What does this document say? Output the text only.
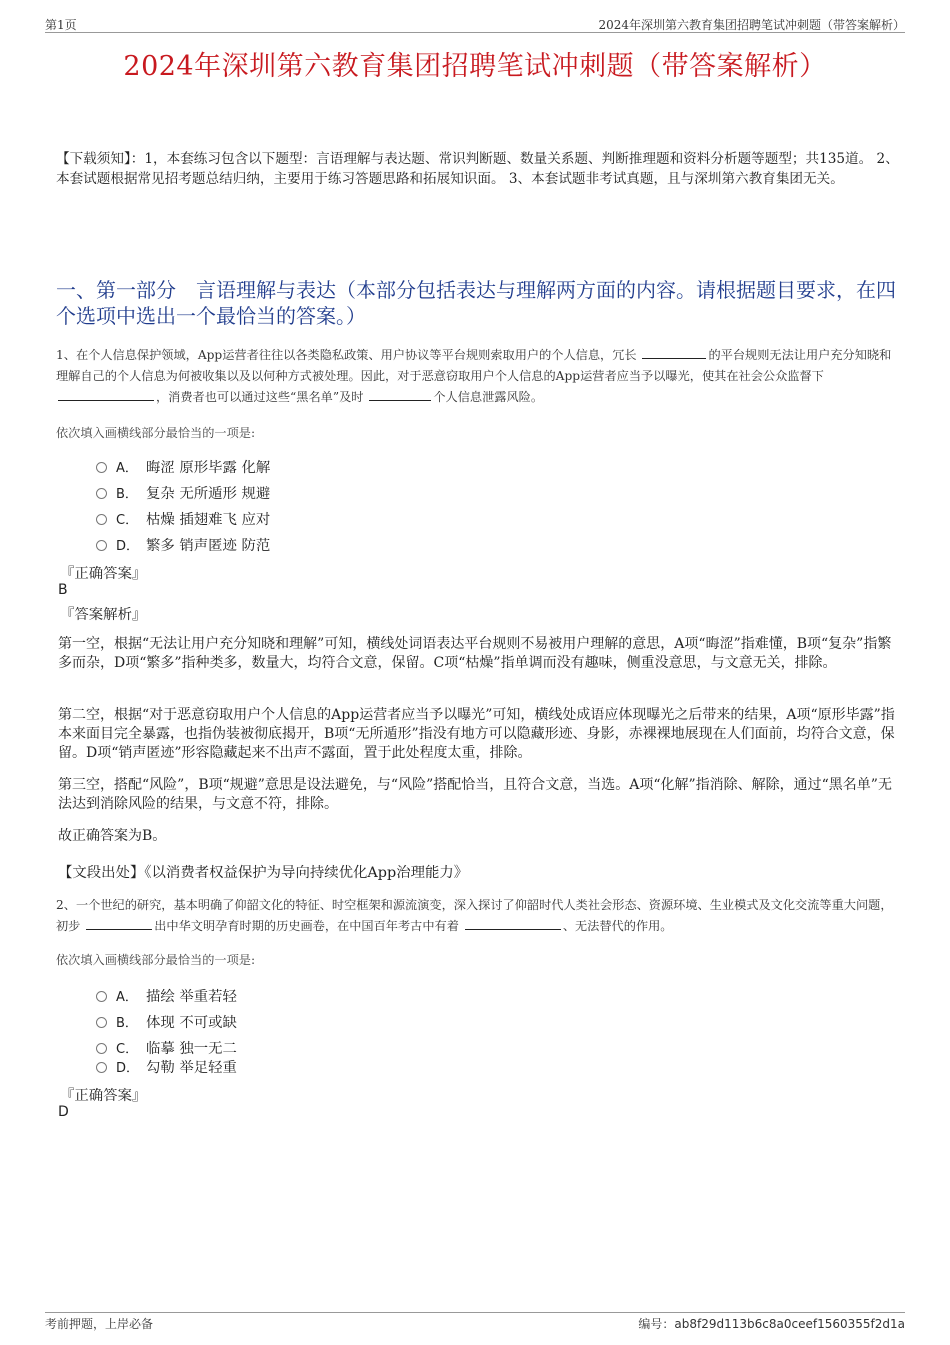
第1页	2024年深圳第六教育集团招聘笔试冲刺题（带答案解析）
2024年深圳第六教育集团招聘笔试冲刺题（带答案解析）
【下载须知】：1，本套练习包含以下题型：言语理解与表达题、常识判断题、数量关系题、判断推理题和资料分析题等题型；共135道。 2、本套试题根据常见招考题总结归纳，主要用于练习答题思路和拓展知识面。 3、本套试题非考试真题，且与深圳第六教育集团无关。
一、第一部分　言语理解与表达（本部分包括表达与理解两方面的内容。请根据题目要求，在四个选项中选出一个最恰当的答案。）
1、在个人信息保护领域，App运营者往往以各类隐私政策、用户协议等平台规则索取用户的个人信息，冗长	的平台规则无法让用户充分知晓和理解自己的个人信息为何被收集以及以何种方式被处理。因此，对于恶意窃取用户个人信息的App运营者应当予以曝光，使其在社会公众监督下 ，消费者也可以通过这些“黑名单”及时	个人信息泄露风险。
依次填入画横线部分最恰当的一项是:
A． 晦涩 原形毕露 化解
B． 复杂 无所遁形 规避
C． 枯燥 插翅难飞 应对
D． 繁多 销声匿迹 防范
『正确答案』
B
『答案解析』
第一空，根据“无法让用户充分知晓和理解”可知，横线处词语表达平台规则不易被用户理解的意思，A项“晦涩”指难懂，B项“复杂”指繁多而杂，D项“繁多”指种类多，数量大，均符合文意，保留。C项“枯燥”指单调而没有趣味，侧重没意思，与文意无关，排除。
第二空，根据“对于恶意窃取用户个人信息的App运营者应当予以曝光”可知，横线处成语应体现曝光之后带来的结果，A项“原形毕露”指本来面目完全暴露，也指伪装被彻底揭开，B项“无所遁形”指没有地方可以隐藏形迹、身影，赤裸裸地展现在人们面前，均符合文意，保留。D项“销声匿迹”形容隐藏起来不出声不露面，置于此处程度太重，排除。
第三空，搭配“风险”，B项“规避”意思是设法避免，与“风险”搭配恰当，且符合文意，当选。A项“化解”指消除、解除，通过“黑名单”无法达到消除风险的结果，与文意不符，排除。
故正确答案为B。
【文段出处】《以消费者权益保护为导向持续优化App治理能力》
2、一个世纪的研究，基本明确了仰韶文化的特征、时空框架和源流演变，深入探讨了仰韶时代人类社会形态、资源环境、生业模式及文化交流等重大问题，初步	出中华文明孕育时期的历史画卷，在中国百年考古中有着	、无法替代的作用。
依次填入画横线部分最恰当的一项是:
A． 描绘 举重若轻
B． 体现 不可或缺
C． 临摹 独一无二
D． 勾勒 举足轻重
『正确答案』
D
考前押题，上岸必备	编号：ab8f29d113b6c8a0ceef1560355f2d1a
